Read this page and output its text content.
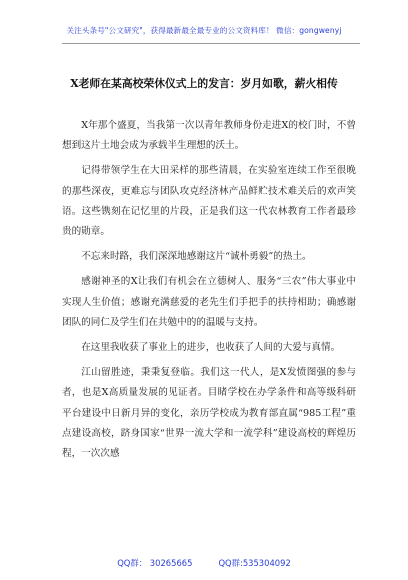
关注头条号"公文研究"，获得最新最全最专业的公文资料库！ 微信：gongwenyj
X老师在某高校荣休仪式上的发言：岁月如歌，薪火相传

X年那个盛夏，当我第一次以青年教师身份走进X的校门时，不曾想到这片土地会成为承载半生理想的沃土。

记得带领学生在大田采样的那些清晨，在实验室连续工作至很晚的那些深夜，更难忘与团队攻克经济林产品鲜贮技术难关后的欢声笑语。这些镌刻在记忆里的片段，正是我们这一代农林教育工作者最珍贵的勋章。

不忘来时路，我们深深地感谢这片“诚朴勇毅”的热土。

感谢神圣的X让我们有机会在立德树人、服务“三农”伟大事业中实现人生价值；感谢充满慈爱的老先生们手把手的扶持相助；确感谢团队的同仁及学生们在共勉中的的温暖与支持。

在这里我收获了事业上的进步，也收获了人间的大爱与真情。

江山留胜迹，秉秉复登临。我们这一代人，是X发愤图强的参与者，也是X高质量发展的见证者。目睹学校在办学条件和高等级科研平台建设中日新月异的变化，亲历学校成为教育部直属“985工程”重点建设高校，跻身国家“世界一流大学和一流学科”建设高校的辉煌历程，一次次感

QQ群： 30265665	QQ群:535304092
